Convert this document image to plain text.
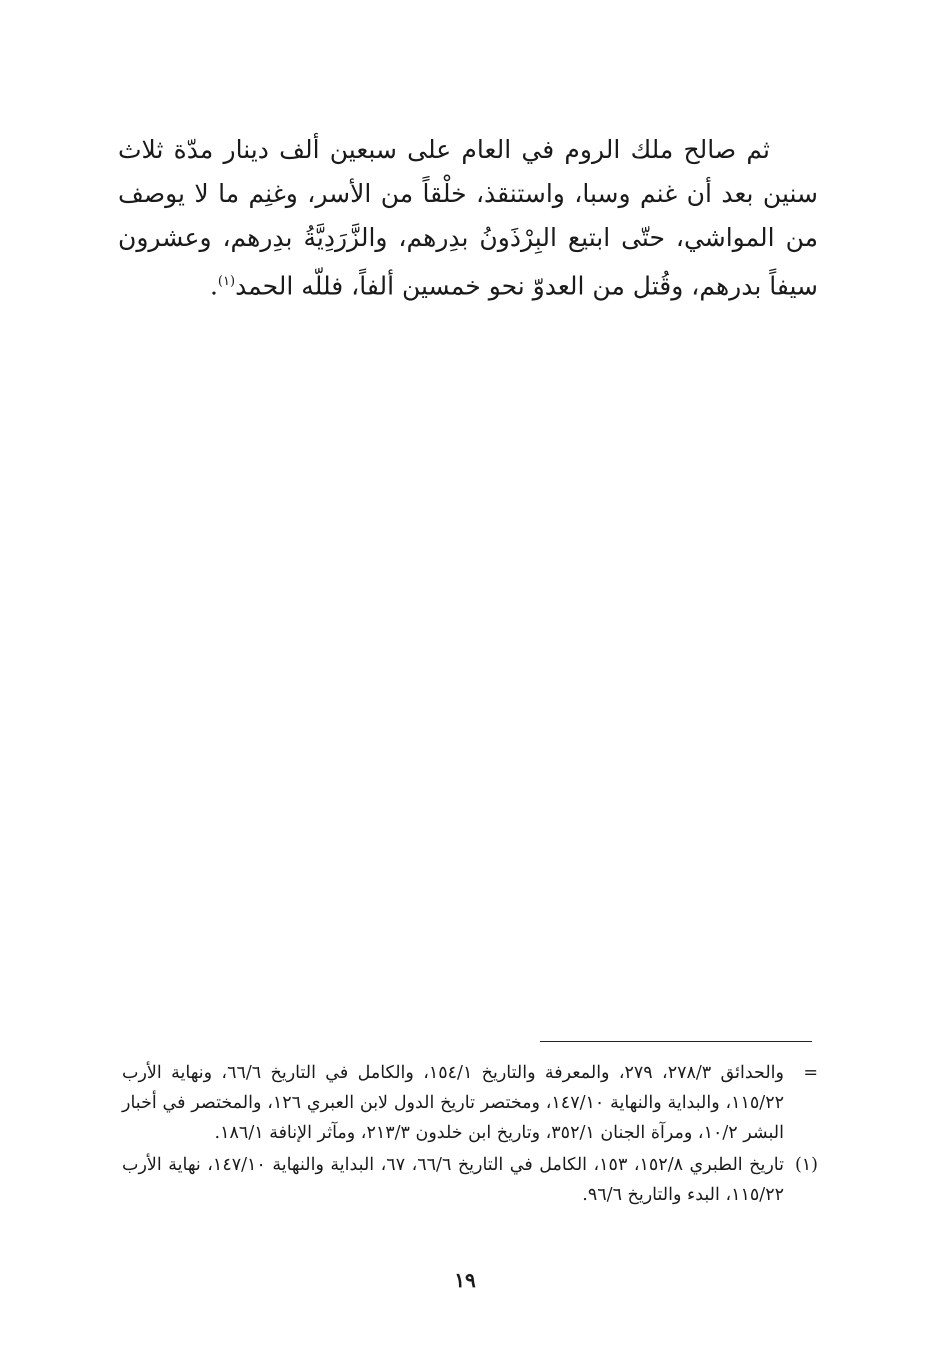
ثم صالح ملك الروم في العام على سبعين ألف دينار مدّة ثلاث سنين بعد أن غنم وسبا، واستنقذ، خلْقاً من الأسر، وغنِم ما لا يوصف من المواشي، حتّى ابتيع البِرْذَونُ بدِرهم، والزَّرَدِيَّةُ بدِرهم، وعشرون سيفاً بدرهم، وقُتل من العدوّ نحو خمسين ألفاً، فللّه الحمد$^{(١)}$.

=
والحدائق ٢٧٨/٣، ٢٧٩، والمعرفة والتاريخ ١٥٤/١، والكامل في التاريخ ٦٦/٦، ونهاية الأرب ١١٥/٢٢، والبداية والنهاية ١٤٧/١٠، ومختصر تاريخ الدول لابن العبري ١٢٦، والمختصر في أخبار البشر ١٠/٢، ومرآة الجنان ٣٥٢/١، وتاريخ ابن خلدون ٢١٣/٣، ومآثر الإنافة ١٨٦/١.
(١)
تاريخ الطبري ١٥٢/٨، ١٥٣، الكامل في التاريخ ٦٦/٦، ٦٧، البداية والنهاية ١٤٧/١٠، نهاية الأرب ١١٥/٢٢، البدء والتاريخ ٩٦/٦.
١٩
